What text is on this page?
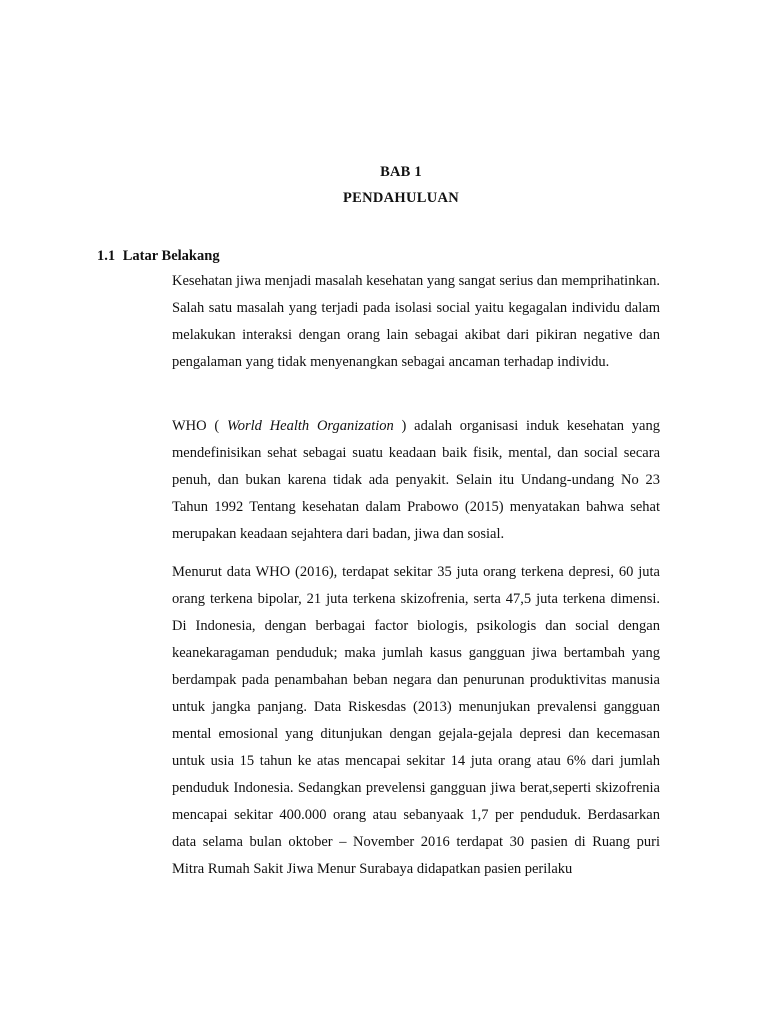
BAB 1
PENDAHULUAN
1.1 Latar Belakang

Kesehatan jiwa menjadi masalah kesehatan yang sangat serius dan memprihatinkan. Salah satu masalah yang terjadi pada isolasi social yaitu kegagalan individu dalam melakukan interaksi dengan orang lain sebagai akibat dari pikiran negative dan pengalaman yang tidak menyenangkan sebagai ancaman terhadap individu.

WHO ( World Health Organization ) adalah organisasi induk kesehatan yang mendefinisikan sehat sebagai suatu keadaan baik fisik, mental, dan social secara penuh, dan bukan karena tidak ada penyakit. Selain itu Undang-undang No 23 Tahun 1992 Tentang kesehatan dalam Prabowo (2015) menyatakan bahwa sehat merupakan keadaan sejahtera dari badan, jiwa dan sosial.

Menurut data WHO (2016), terdapat sekitar 35 juta orang terkena depresi, 60 juta orang terkena bipolar, 21 juta terkena skizofrenia, serta 47,5 juta terkena dimensi. Di Indonesia, dengan berbagai factor biologis, psikologis dan social dengan keanekaragaman penduduk; maka jumlah kasus gangguan jiwa bertambah yang berdampak pada penambahan beban negara dan penurunan produktivitas manusia untuk jangka panjang. Data Riskesdas (2013) menunjukan prevalensi gangguan mental emosional yang ditunjukan dengan gejala-gejala depresi dan kecemasan untuk usia 15 tahun ke atas mencapai sekitar 14 juta orang atau 6% dari jumlah penduduk Indonesia. Sedangkan prevelensi gangguan jiwa berat,seperti skizofrenia mencapai sekitar 400.000 orang atau sebanyaak 1,7 per penduduk. Berdasarkan data selama bulan oktober – November 2016 terdapat 30 pasien di Ruang puri Mitra Rumah Sakit Jiwa Menur Surabaya didapatkan pasien perilaku
